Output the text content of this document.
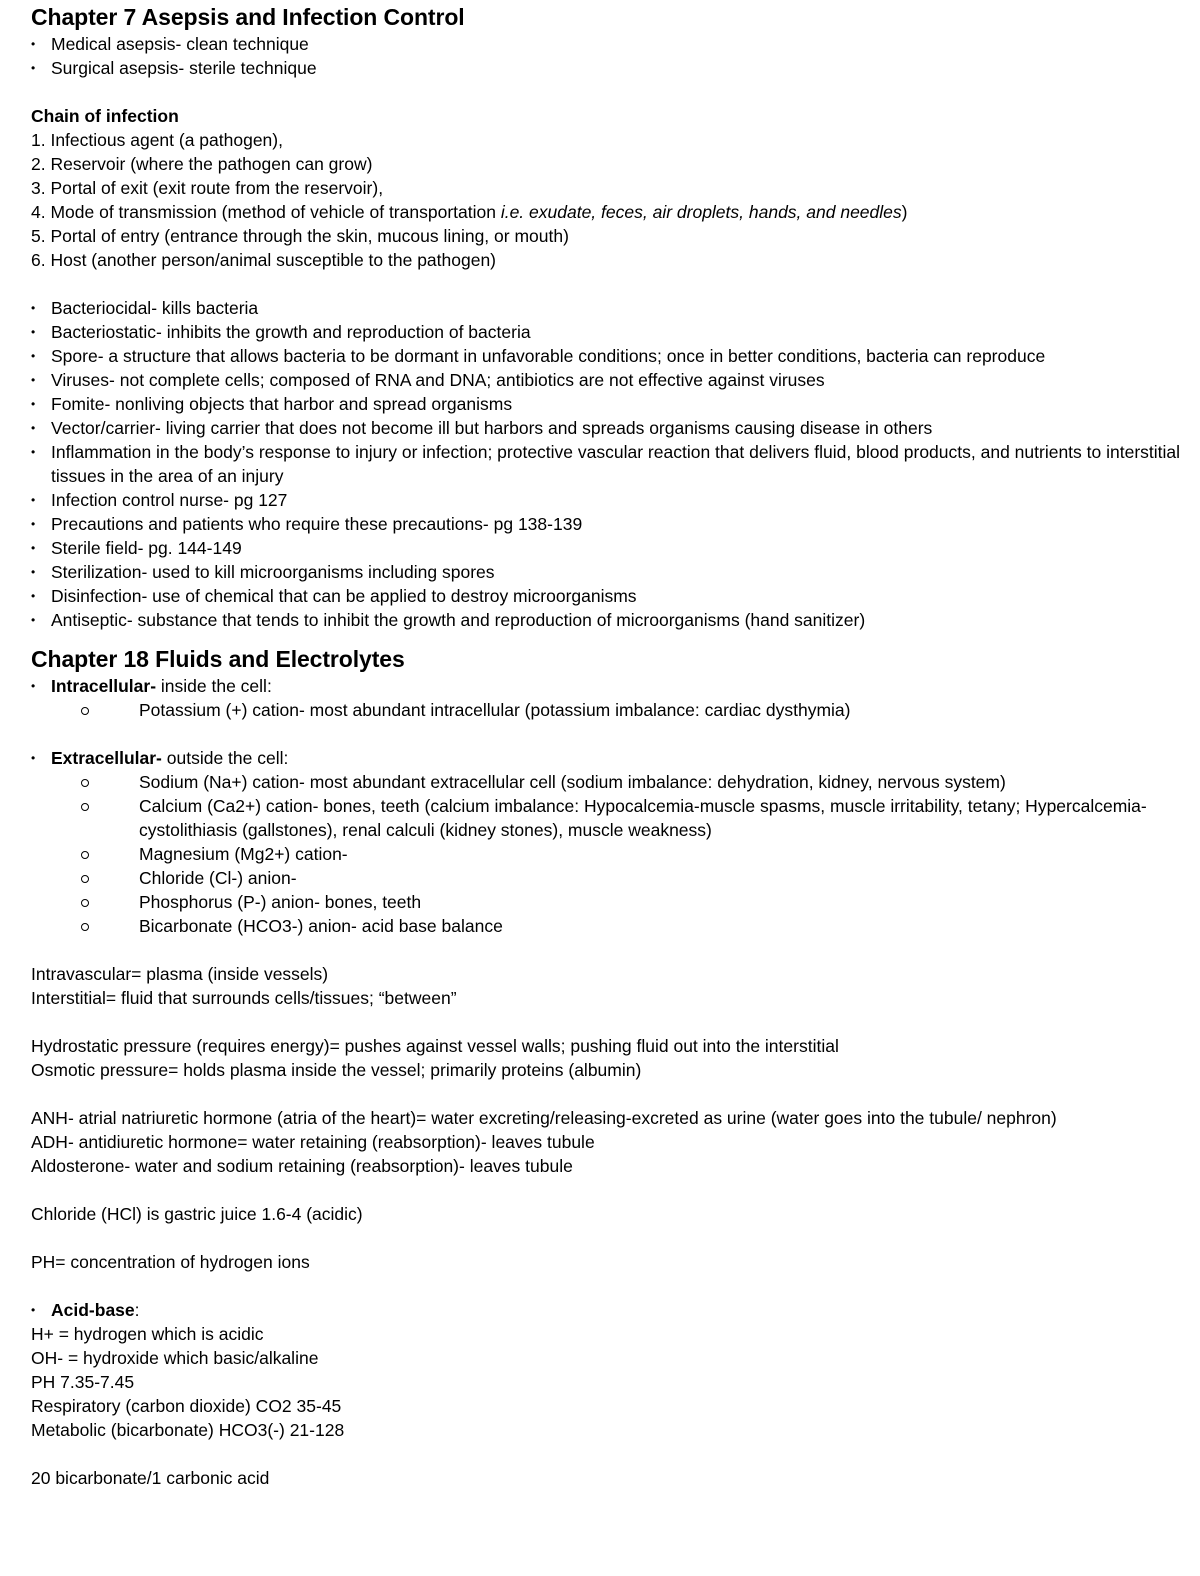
Chapter 7 Asepsis and Infection Control
• Medical asepsis- clean technique
• Surgical asepsis- sterile technique
Chain of infection
1. Infectious agent (a pathogen),
2. Reservoir (where the pathogen can grow)
3. Portal of exit (exit route from the reservoir),
4. Mode of transmission (method of vehicle of transportation i.e. exudate, feces, air droplets, hands, and needles)
5. Portal of entry (entrance through the skin, mucous lining, or mouth)
6. Host (another person/animal susceptible to the pathogen)
• Bacteriocidal- kills bacteria
• Bacteriostatic- inhibits the growth and reproduction of bacteria
• Spore- a structure that allows bacteria to be dormant in unfavorable conditions; once in better conditions, bacteria can reproduce
• Viruses- not complete cells; composed of RNA and DNA; antibiotics are not effective against viruses
• Fomite- nonliving objects that harbor and spread organisms
• Vector/carrier- living carrier that does not become ill but harbors and spreads organisms causing disease in others
• Inflammation in the body’s response to injury or infection; protective vascular reaction that delivers fluid, blood products, and nutrients to interstitial tissues in the area of an injury
• Infection control nurse- pg 127
• Precautions and patients who require these precautions- pg 138-139
• Sterile field- pg. 144-149
• Sterilization- used to kill microorganisms including spores
• Disinfection- use of chemical that can be applied to destroy microorganisms
• Antiseptic- substance that tends to inhibit the growth and reproduction of microorganisms (hand sanitizer)
Chapter 18 Fluids and Electrolytes
• Intracellular- inside the cell:
Potassium (+) cation- most abundant intracellular (potassium imbalance: cardiac dysthymia)
• Extracellular- outside the cell:
Sodium (Na+) cation- most abundant extracellular cell (sodium imbalance: dehydration, kidney, nervous system)
Calcium (Ca2+) cation- bones, teeth (calcium imbalance: Hypocalcemia-muscle spasms, muscle irritability, tetany; Hypercalcemia- cystolithiasis (gallstones), renal calculi (kidney stones), muscle weakness)
Magnesium (Mg2+) cation-
Chloride (Cl-) anion-
Phosphorus (P-) anion- bones, teeth
Bicarbonate (HCO3-) anion- acid base balance
Intravascular= plasma (inside vessels)
Interstitial= fluid that surrounds cells/tissues; “between”
Hydrostatic pressure (requires energy)= pushes against vessel walls; pushing fluid out into the interstitial
Osmotic pressure= holds plasma inside the vessel; primarily proteins (albumin)
ANH- atrial natriuretic hormone (atria of the heart)= water excreting/releasing-excreted as urine (water goes into the tubule/ nephron)
ADH- antidiuretic hormone= water retaining (reabsorption)- leaves tubule
Aldosterone- water and sodium retaining (reabsorption)- leaves tubule
Chloride (HCl) is gastric juice 1.6-4 (acidic)
PH= concentration of hydrogen ions
• Acid-base:
H+ = hydrogen which is acidic
OH- = hydroxide which basic/alkaline
PH 7.35-7.45
Respiratory (carbon dioxide) CO2 35-45
Metabolic (bicarbonate) HCO3(-) 21-128
20 bicarbonate/1 carbonic acid
